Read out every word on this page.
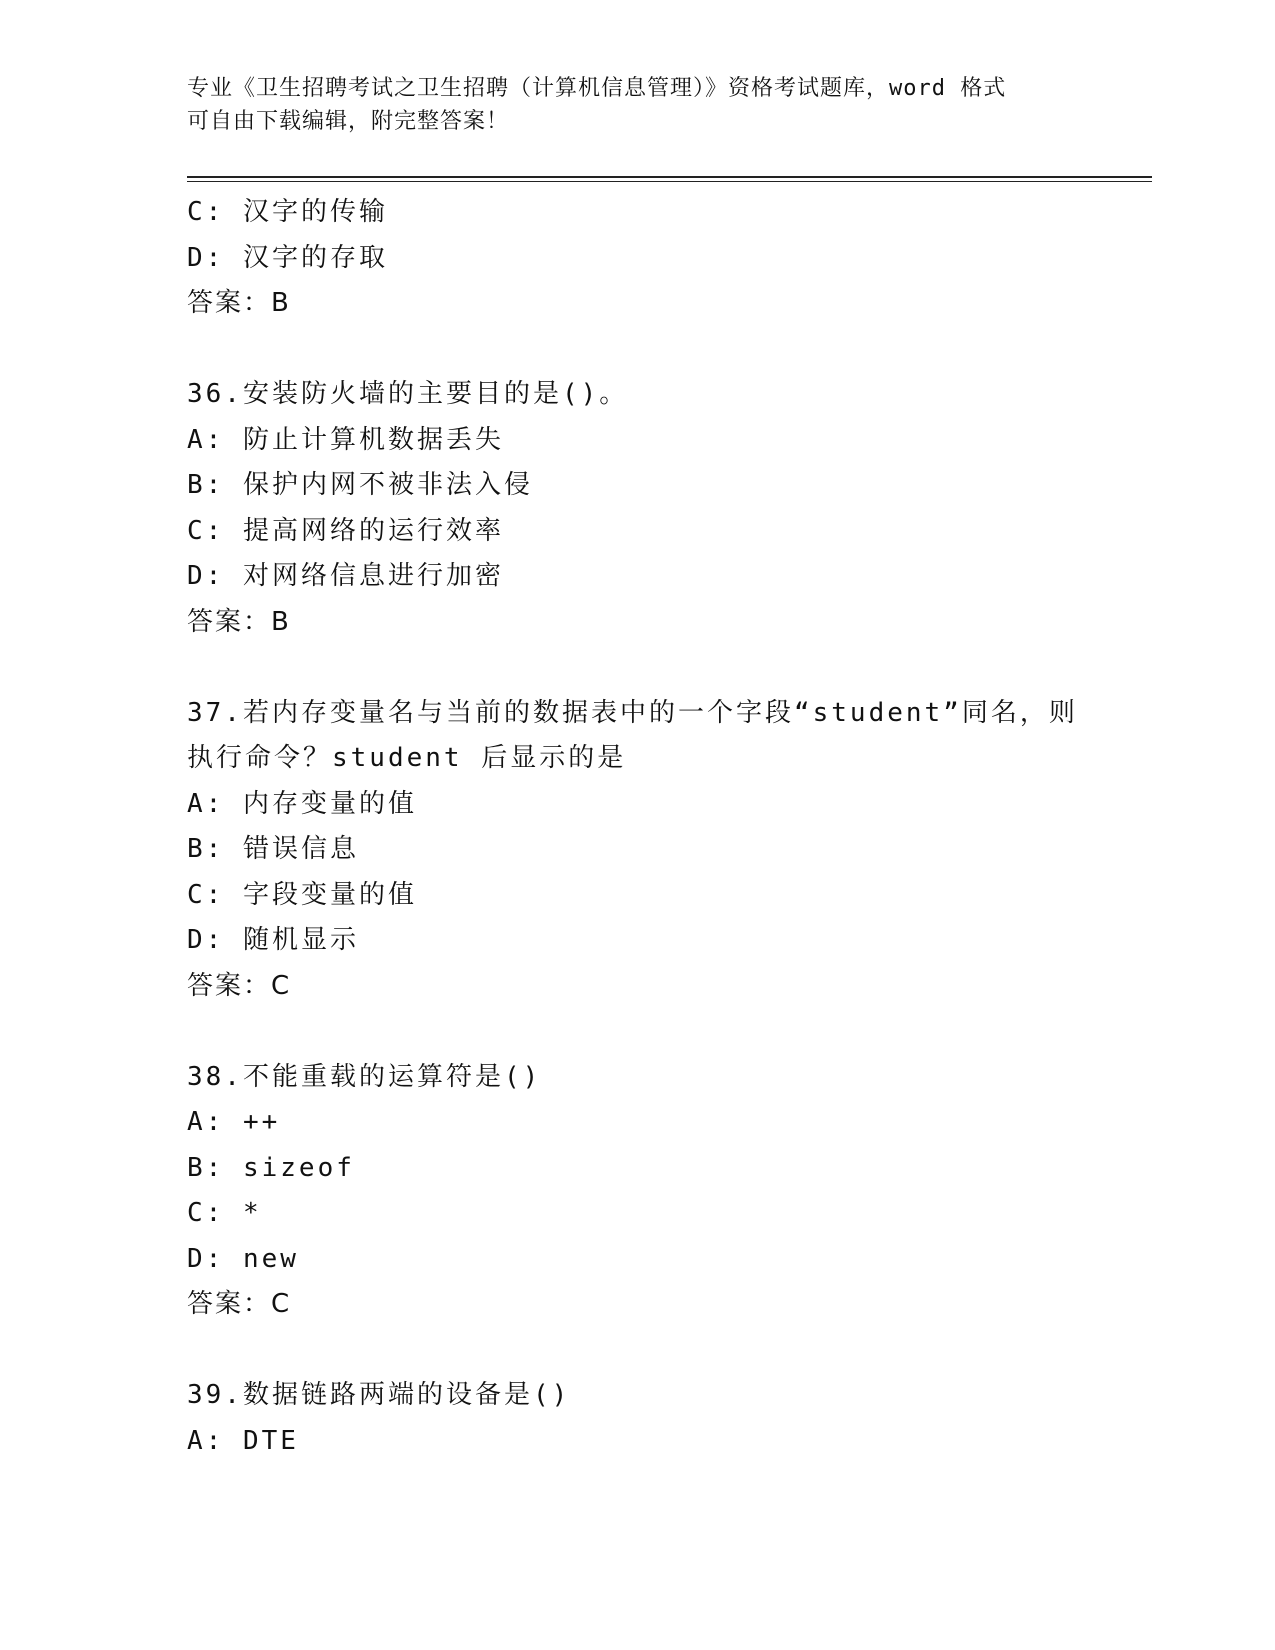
专业《卫生招聘考试之卫生招聘（计算机信息管理）》资格考试题库，word 格式
可自由下载编辑，附完整答案！
C: 汉字的传输
D: 汉字的存取
答案：B
36.安装防火墙的主要目的是()。
A: 防止计算机数据丢失
B: 保护内网不被非法入侵
C: 提高网络的运行效率
D: 对网络信息进行加密
答案：B
37.若内存变量名与当前的数据表中的一个字段“student”同名，则
执行命令？student 后显示的是
A: 内存变量的值
B: 错误信息
C: 字段变量的值
D: 随机显示
答案：C
38.不能重载的运算符是()
A: ++
B: sizeof
C: *
D: new
答案：C
39.数据链路两端的设备是()
A: DTE
